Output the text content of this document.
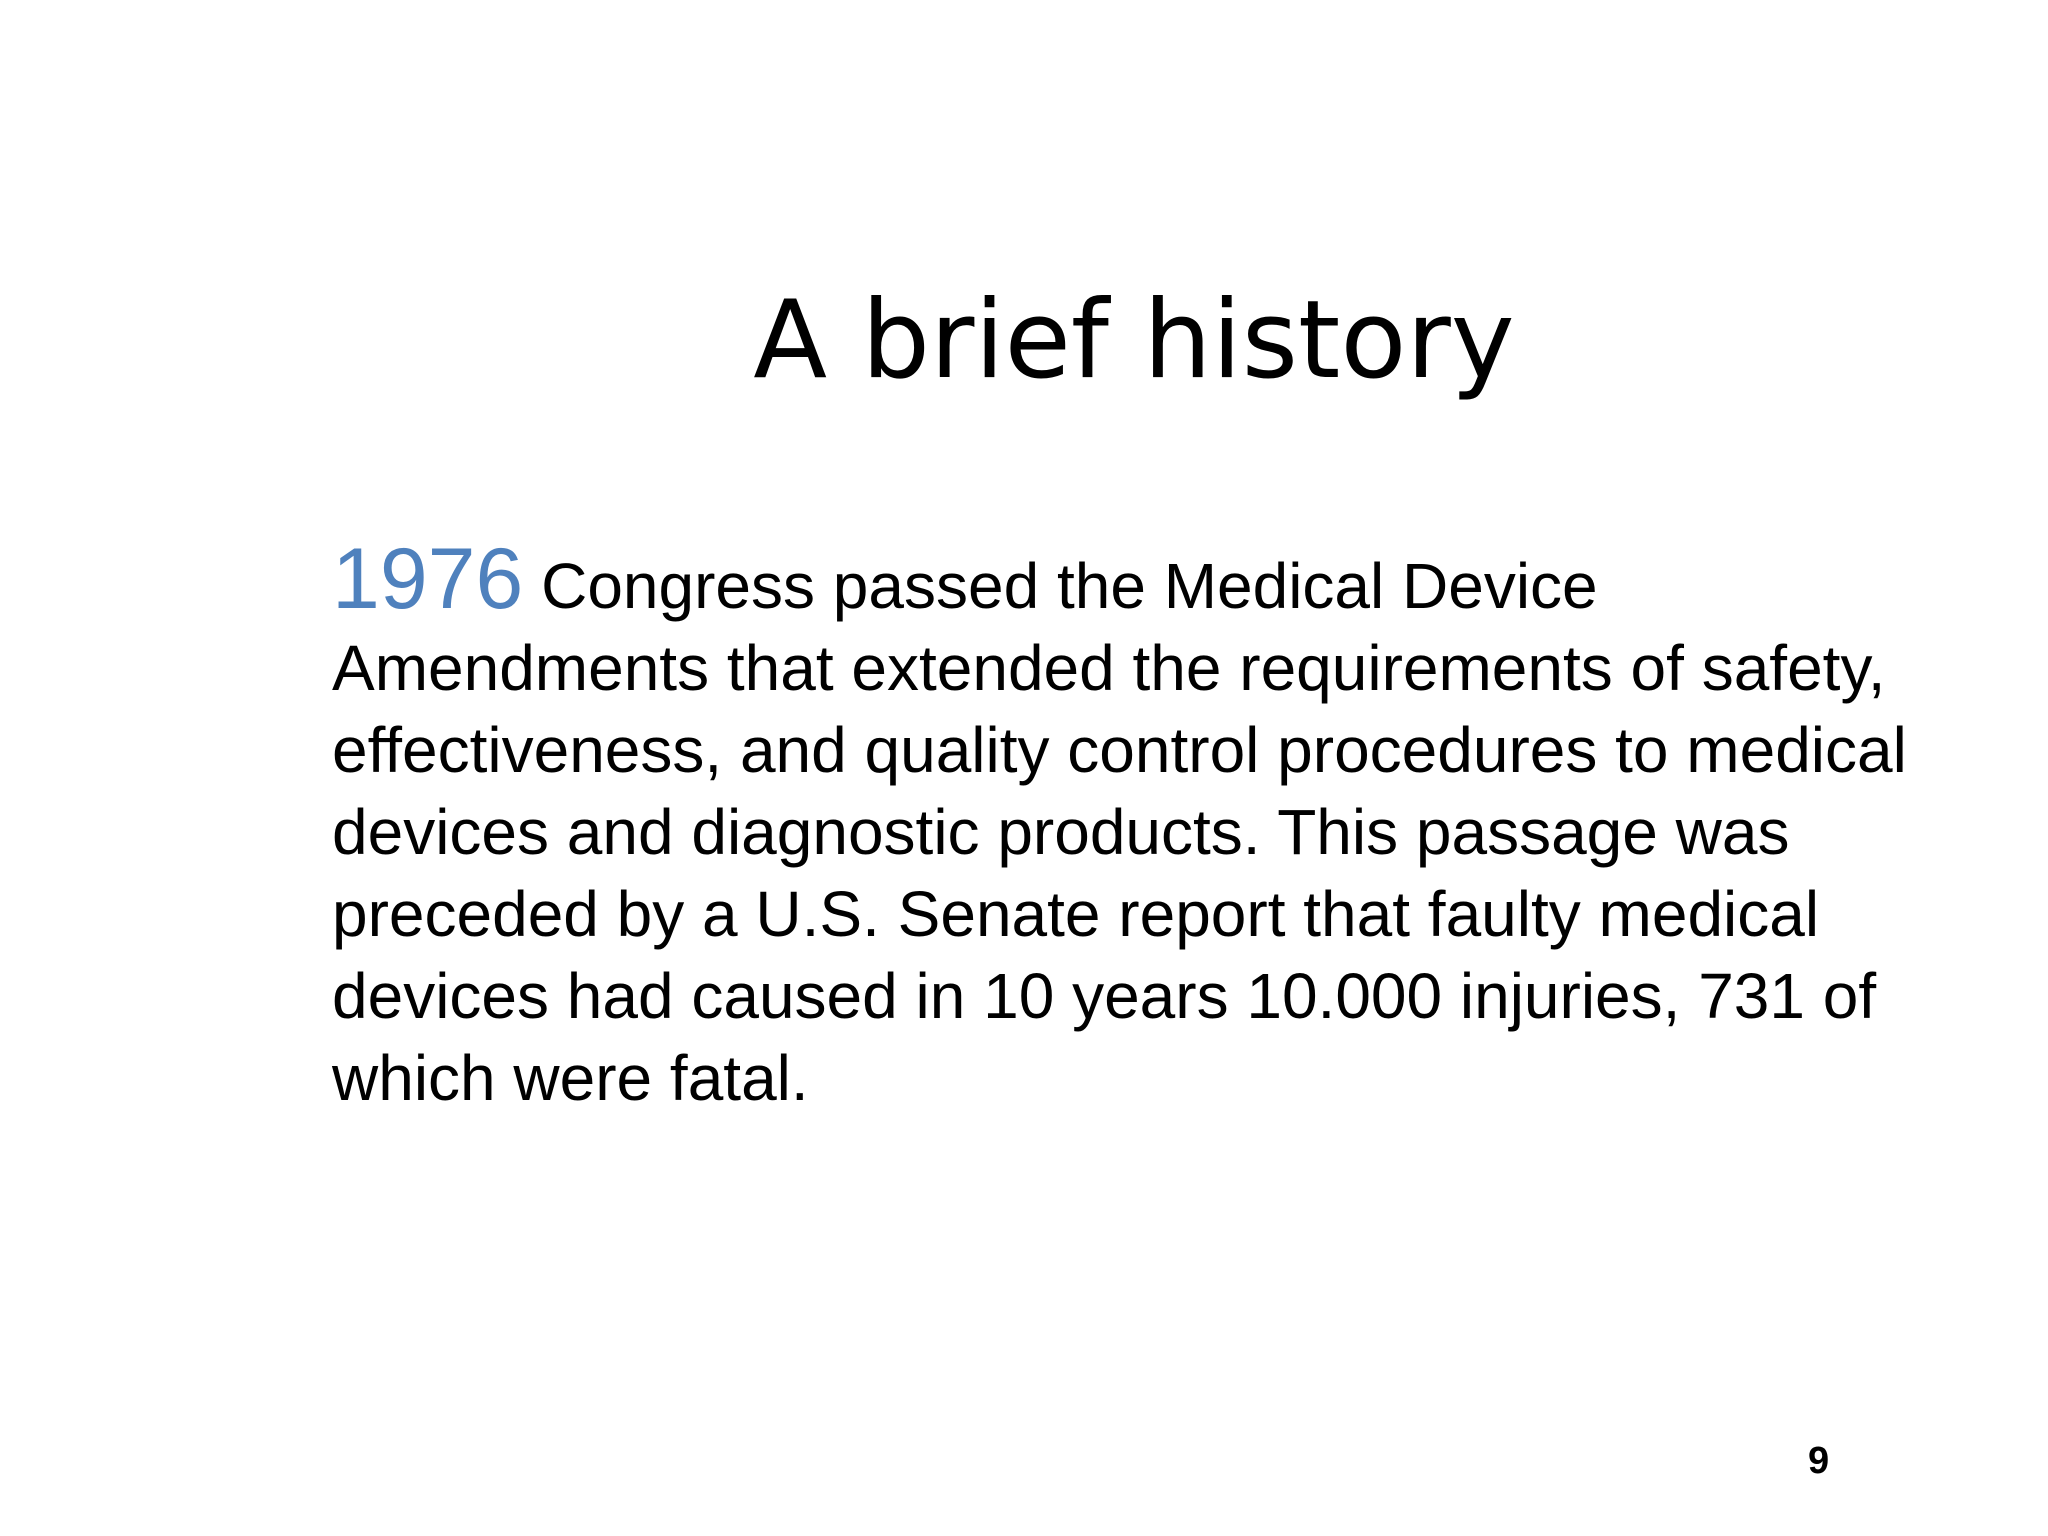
A brief history

1976 Congress passed the Medical Device Amendments that extended the requirements of safety, effectiveness, and quality control procedures to medical devices and diagnostic products. This passage was preceded by a U.S. Senate report that faulty medical devices had caused in 10 years 10.000 injuries, 731 of which were fatal.

9
